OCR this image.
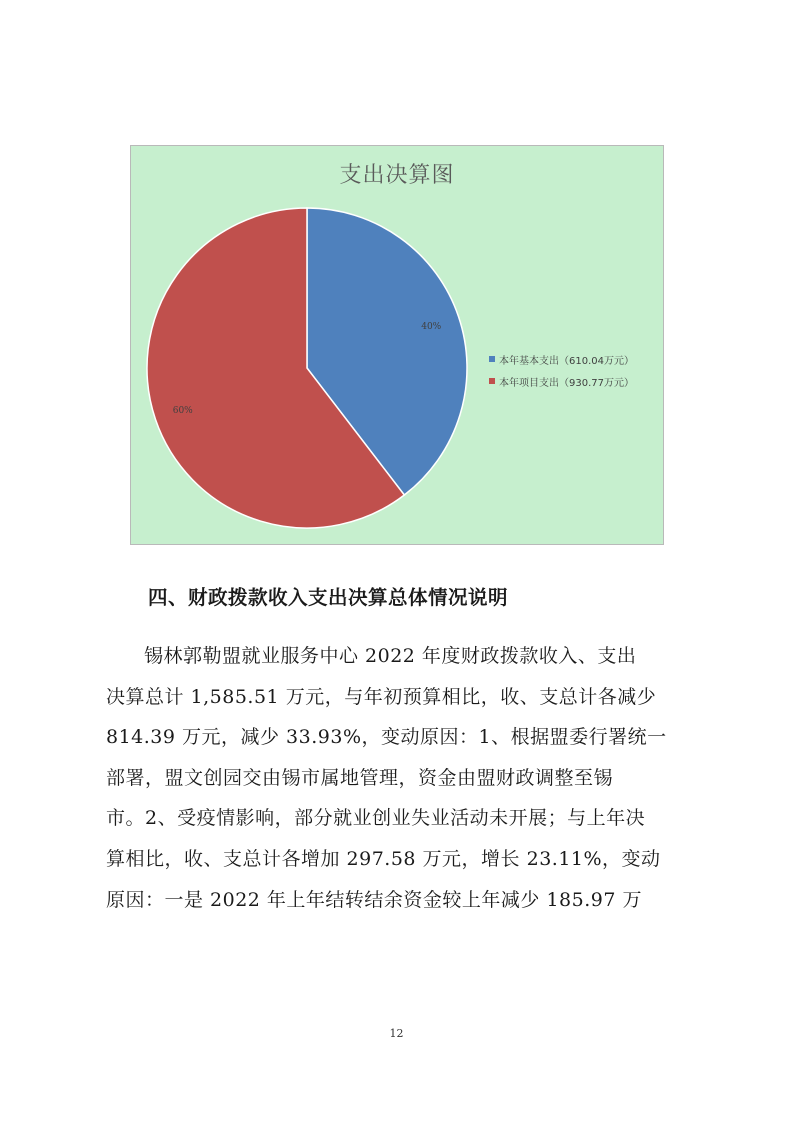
支出决算图
40%
60%
本年基本支出（610.04万元）
本年项目支出（930.77万元）
四、财政拨款收入支出决算总体情况说明
锡林郭勒盟就业服务中心 2022 年度财政拨款收入、支出
决算总计 1,585.51 万元，与年初预算相比，收、支总计各减少
814.39 万元，减少 33.93%，变动原因：1、根据盟委行署统一
部署，盟文创园交由锡市属地管理，资金由盟财政调整至锡
市。2、受疫情影响，部分就业创业失业活动未开展；与上年决
算相比，收、支总计各增加 297.58 万元，增长 23.11%，变动
原因：一是 2022 年上年结转结余资金较上年减少 185.97 万
12
